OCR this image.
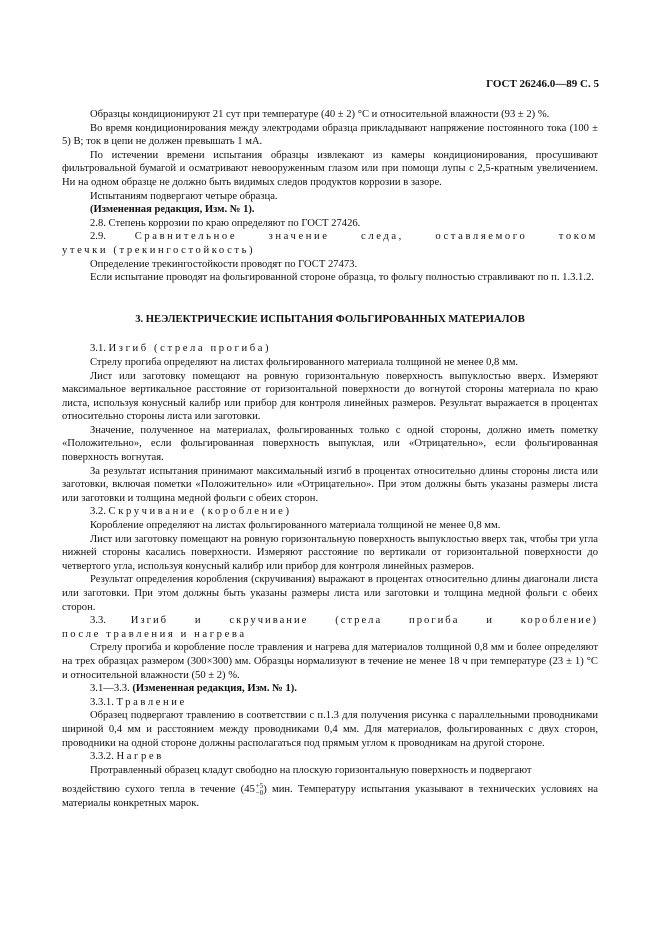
ГОСТ 26246.0—89 С. 5

Образцы кондиционируют 21 сут при температуре (40 ± 2) °С и относительной влажности (93 ± 2) %.

Во время кондиционирования между электродами образца прикладывают напряжение постоянного тока (100 ± 5) В; ток в цепи не должен превышать 1 мА.

По истечении времени испытания образцы извлекают из камеры кондиционирования, просушивают фильтровальной бумагой и осматривают невооруженным глазом или при помощи лупы с 2,5-кратным увеличением. Ни на одном образце не должно быть видимых следов продуктов коррозии в зазоре.

Испытаниям подвергают четыре образца.

(Измененная редакция, Изм. № 1).

2.8. Степень коррозии по краю определяют по ГОСТ 27426.

2.9.	Сравнительное значение следа, оставляемого током

утечки (трекингостойкость)

Определение трекингостойкости проводят по ГОСТ 27473.

Если испытание проводят на фольгированной стороне образца, то фольгу полностью стравливают по п. 1.3.1.2.

3. НЕЭЛЕКТРИЧЕСКИЕ ИСПЫТАНИЯ ФОЛЬГИРОВАННЫХ МАТЕРИАЛОВ

3.1. Изгиб (стрела прогиба)

Стрелу прогиба определяют на листах фольгированного материала толщиной не менее 0,8 мм.

Лист или заготовку помещают на ровную горизонтальную поверхность выпуклостью вверх. Измеряют максимальное вертикальное расстояние от горизонтальной поверхности до вогнутой стороны материала по краю листа, используя конусный калибр или прибор для контроля линейных размеров. Результат выражается в процентах относительно стороны листа или заготовки.

Значение, полученное на материалах, фольгированных только с одной стороны, должно иметь пометку «Положительно», если фольгированная поверхность выпуклая, или «Отрицательно», если фольгированная поверхность вогнутая.

За результат испытания принимают максимальный изгиб в процентах относительно длины стороны листа или заготовки, включая пометки «Положительно» или «Отрицательно». При этом должны быть указаны размеры листа или заготовки и толщина медной фольги с обеих сторон.

3.2. Скручивание (коробление)

Коробление определяют на листах фольгированного материала толщиной не менее 0,8 мм.

Лист или заготовку помещают на ровную горизонтальную поверхность выпуклостью вверх так, чтобы три угла нижней стороны касались поверхности. Измеряют расстояние по вертикали от горизонтальной поверхности до четвертого угла, используя конусный калибр или прибор для контроля линейных размеров.

Результат определения коробления (скручивания) выражают в процентах относительно длины диагонали листа или заготовки. При этом должны быть указаны размеры листа или заготовки и толщина медной фольги с обеих сторон.

3.3. Изгиб и скручивание (стрела прогиба и коробление)

после травления и нагрева

Стрелу прогиба и коробление после травления и нагрева для материалов толщиной 0,8 мм и более определяют на трех образцах размером (300×300) мм. Образцы нормализуют в течение не менее 18 ч при температуре (23 ± 1) °С и относительной влажности (50 ± 2) %.

3.1—3.3. (Измененная редакция, Изм. № 1).

3.3.1. Травление

Образец подвергают травлению в соответствии с п.1.3 для получения рисунка с параллельными проводниками шириной 0,4 мм и расстоянием между проводниками 0,4 мм. Для материалов, фольгированных с двух сторон, проводники на одной стороне должны располагаться под прямым углом к проводникам на другой стороне.

3.3.2. Нагрев

Протравленный образец кладут свободно на плоскую горизонтальную поверхность и подвергают

воздействию сухого тепла в течение (45 +5
−0 ) мин. Температуру испытания указывают в технических условиях на материалы конкретных марок.
